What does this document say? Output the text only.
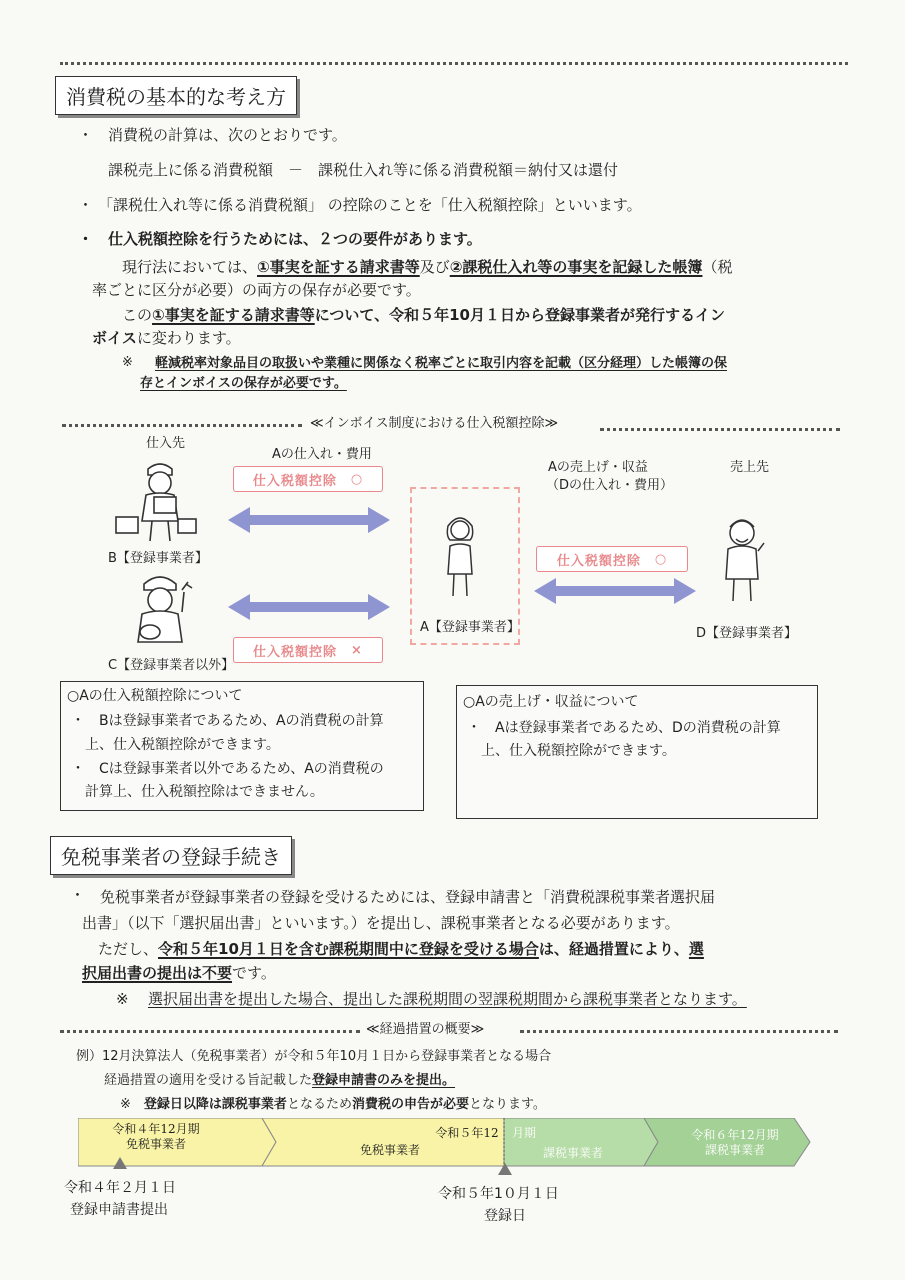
消費税の基本的な考え方
・ 消費税の計算は、次のとおりです。
課税売上に係る消費税額　－　課税仕入れ等に係る消費税額＝納付又は還付
・ 「課税仕入れ等に係る消費税額」 の控除のことを「仕入税額控除」といいます。
・ 仕入税額控除を行うためには、２つの要件があります。
現行法においては、①事実を証する請求書等及び②課税仕入れ等の事実を記録した帳簿（税
率ごとに区分が必要）の両方の保存が必要です。
この①事実を証する請求書等について、令和５年10月１日から登録事業者が発行するイン
ボイスに変わります。
※ 軽減税率対象品目の取扱いや業種に関係なく税率ごとに取引内容を記載（区分経理）した帳簿の保
存とインボイスの保存が必要です。
≪インボイス制度における仕入税額控除≫
仕入先
Aの仕入れ・費用
Aの売上げ・収益
（Dの仕入れ・費用）
売上先
仕入税額控除 ○
仕入税額控除 ○
仕入税額控除 ×
B【登録事業者】
C【登録事業者以外】
A【登録事業者】	D【登録事業者】
○Aの仕入税額控除について
・　Bは登録事業者であるため、Aの消費税の計算
上、仕入税額控除ができます。
・　Cは登録事業者以外であるため、Aの消費税の
計算上、仕入税額控除はできません。
○Aの売上げ・収益について
・　Aは登録事業者であるため、Dの消費税の計算
上、仕入税額控除ができます。
免税事業者の登録手続き
・ 免税事業者が登録事業者の登録を受けるためには、登録申請書と「消費税課税事業者選択届
出書」（以下「選択届出書」といいます。）を提出し、課税事業者となる必要があります。
ただし、令和５年10月１日を含む課税期間中に登録を受ける場合は、経過措置により、選
択届出書の提出は不要です。
※ 選択届出書を提出した場合、提出した課税期間の翌課税期間から課税事業者となります。
≪経過措置の概要≫
例）12月決算法人（免税事業者）が令和５年10月１日から登録事業者となる場合
経過措置の適用を受ける旨記載した登録申請書のみを提出。
※　 登録日以降は課税事業者となるため消費税の申告が必要となります。
令和４年12月期
免税事業者
令和５年12
免税事業者
月期
課税事業者
令和６年12月期
課税事業者
令和４年２月１日
登録申請書提出
令和５年1０月１日
登録日
